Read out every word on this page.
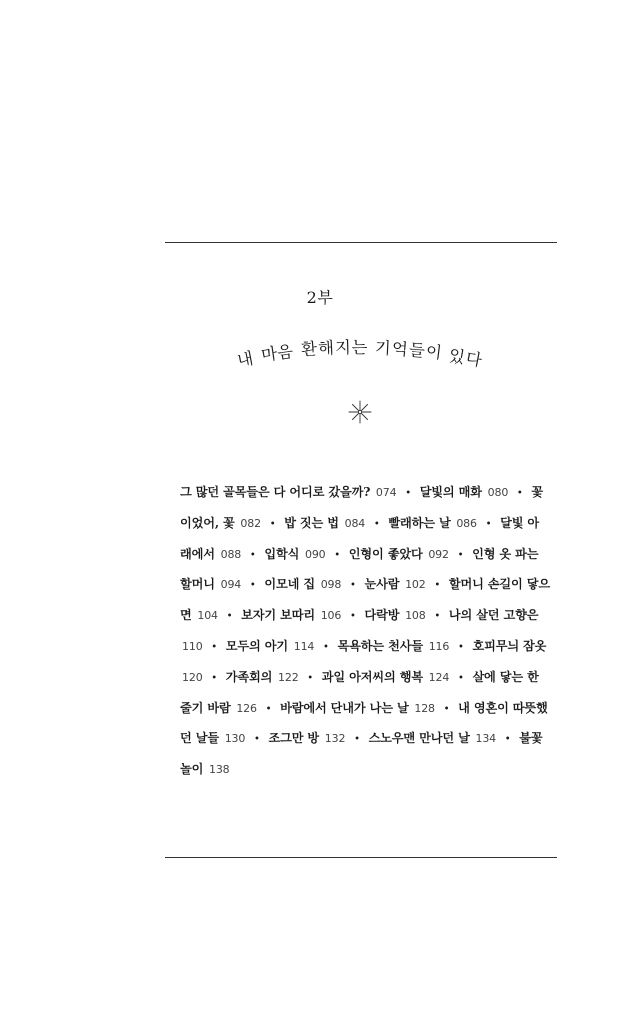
2부
내 마음 환해지는 기억들이 있다
그 많던 골목들은 다 어디로 갔을까? 074 • 달빛의 매화 080 • 꽃이었어, 꽃 082 • 밥 짓는 법 084 • 빨래하는 날 086 • 달빛 아래에서 088 • 입학식 090 • 인형이 좋았다 092 • 인형 옷 파는 할머니 094 • 이모네 집 098 • 눈사람 102 • 할머니 손길이 닿으면 104 • 보자기 보따리 106 • 다락방 108 • 나의 살던 고향은 110 • 모두의 아기 114 • 목욕하는 천사들 116 • 호피무늬 잠옷 120 • 가족회의 122 • 과일 아저씨의 행복 124 • 살에 닿는 한 줄기 바람 126 • 바람에서 단내가 나는 날 128 • 내 영혼이 따뜻했던 날들 130 • 조그만 방 132 • 스노우맨 만나던 날 134 • 불꽃놀이 138
